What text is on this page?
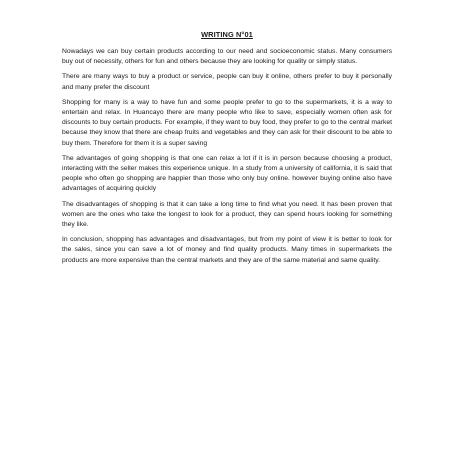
WRITING N°01

Nowadays we can buy certain products according to our need and socioeconomic status. Many consumers buy out of necessity, others for fun and others because they are looking for quality or simply status.

There are many ways to buy a product or service, people can buy it online, others prefer to buy it personally and many prefer the discount

Shopping for many is a way to have fun and some people prefer to go to the supermarkets, it is a way to entertain and relax. In Huancayo there are many people who like to save, especially women often ask for discounts to buy certain products. For example, if they want to buy food, they prefer to go to the central market because they know that there are cheap fruits and vegetables and they can ask for their discount to be able to buy them. Therefore for them it is a super saving

The advantages of going shopping is that one can relax a lot if it is in person because choosing a product, interacting with the seller makes this experience unique. In a study from a university of california, it is said that people who often go shopping are happier than those who only buy online. however buying online also have advantages of acquiring quickly

The disadvantages of shopping is that it can take a long time to find what you need. It has been proven that women are the ones who take the longest to look for a product, they can spend hours looking for something they like.

In conclusion, shopping has advantages and disadvantages, but from my point of view it is better to look for the sales, since you can save a lot of money and find quality products. Many times in supermarkets the products are more expensive than the central markets and they are of the same material and same quality.
